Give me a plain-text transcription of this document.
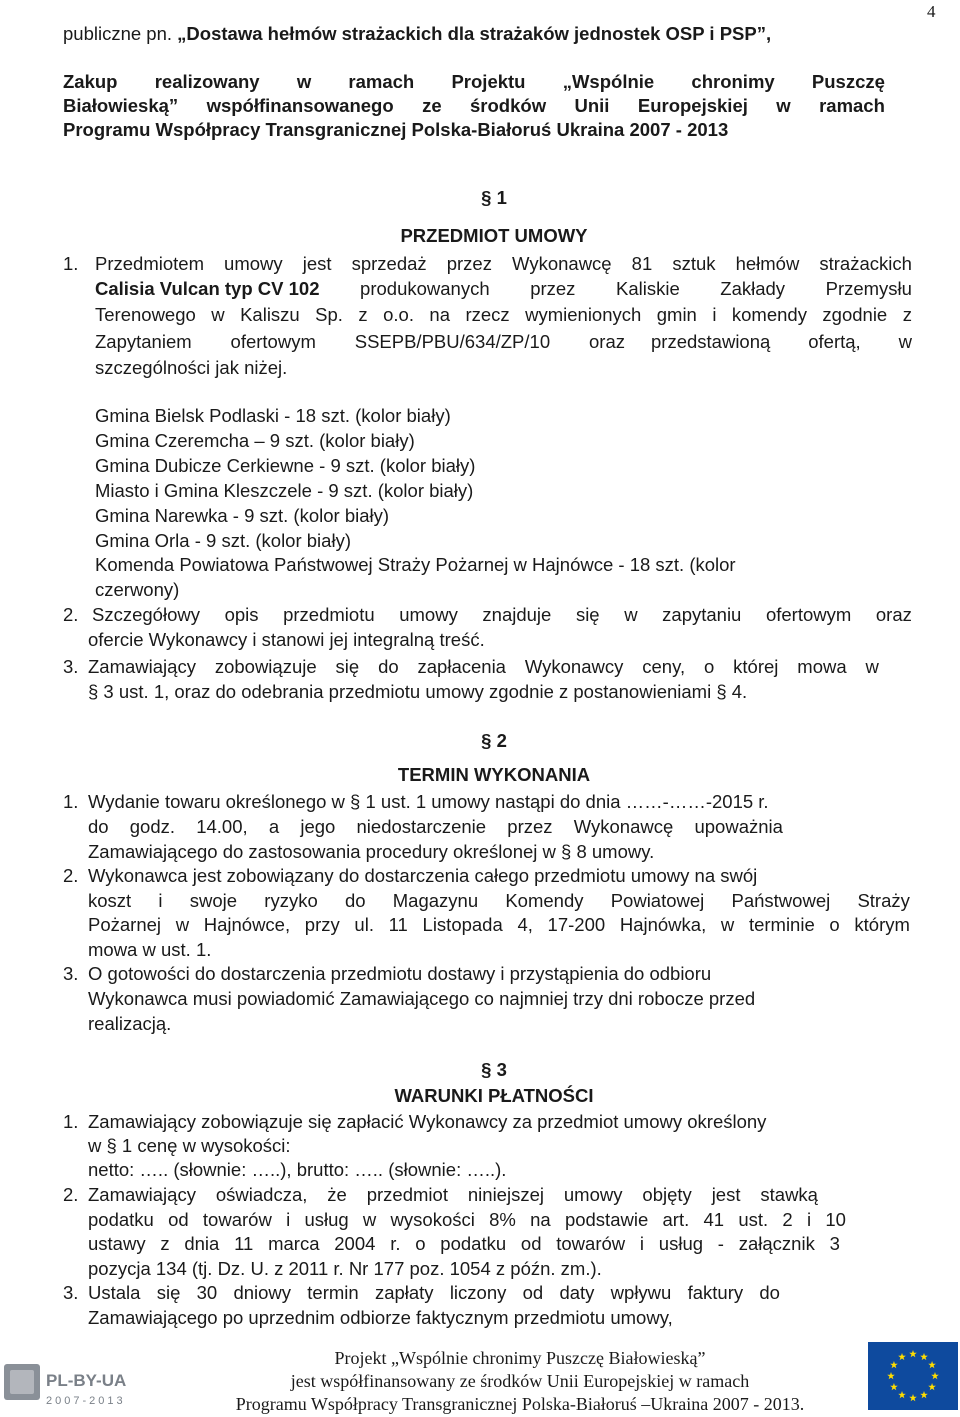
4
publiczne pn. „Dostawa hełmów strażackich dla strażaków jednostek OSP i PSP”,
Zakup realizowany w ramach Projektu „Wspólnie chronimy Puszczę
Białowieską” współfinansowanego ze środków Unii Europejskiej w ramach
Programu Współpracy Transgranicznej Polska-Białoruś Ukraina 2007 - 2013
§ 1
PRZEDMIOT UMOWY
1. Przedmiotem umowy jest sprzedaż przez Wykonawcę 81 sztuk hełmów strażackich
Calisia Vulcan typ CV 102 produkowanych przez Kaliskie Zakłady Przemysłu
Terenowego w Kaliszu Sp. z o.o. na rzecz wymienionych gmin i komendy zgodnie z
Zapytaniem ofertowym SSEPB/PBU/634/ZP/10 oraz przedstawioną ofertą, w
szczególności jak niżej.
Gmina Bielsk Podlaski - 18 szt. (kolor biały)
Gmina Czeremcha – 9 szt. (kolor biały)
Gmina Dubicze Cerkiewne - 9 szt. (kolor biały)
Miasto i Gmina Kleszczele - 9 szt. (kolor biały)
Gmina Narewka - 9 szt. (kolor biały)
Gmina Orla - 9 szt. (kolor biały)
Komenda Powiatowa Państwowej Straży Pożarnej w Hajnówce - 18 szt. (kolor
czerwony)
2. Szczegółowy opis przedmiotu umowy znajduje się w zapytaniu ofertowym oraz
ofercie Wykonawcy i stanowi jej integralną treść.
3. Zamawiający zobowiązuje się do zapłacenia Wykonawcy ceny, o której mowa w
§ 3 ust. 1, oraz do odebrania przedmiotu umowy zgodnie z postanowieniami § 4.
§ 2
TERMIN WYKONANIA
1. Wydanie towaru określonego w § 1 ust. 1 umowy nastąpi do dnia ……-……-2015 r.
do godz. 14.00, a jego niedostarczenie przez Wykonawcę upoważnia
Zamawiającego do zastosowania procedury określonej w § 8 umowy.
2. Wykonawca jest zobowiązany do dostarczenia całego przedmiotu umowy na swój
koszt i swoje ryzyko do Magazynu Komendy Powiatowej Państwowej Straży
Pożarnej w Hajnówce, przy ul. 11 Listopada 4, 17-200 Hajnówka, w terminie o którym
mowa w ust. 1.
3. O gotowości do dostarczenia przedmiotu dostawy i przystąpienia do odbioru
Wykonawca musi powiadomić Zamawiającego co najmniej trzy dni robocze przed
realizacją.
§ 3
WARUNKI PŁATNOŚCI
1. Zamawiający zobowiązuje się zapłacić Wykonawcy za przedmiot umowy określony
w § 1 cenę w wysokości:
netto: ….. (słownie: …..), brutto: ….. (słownie: …..).
2. Zamawiający oświadcza, że przedmiot niniejszej umowy objęty jest stawką
podatku od towarów i usług w wysokości 8% na podstawie art. 41 ust. 2 i 10
ustawy z dnia 11 marca 2004 r. o podatku od towarów i usług - załącznik 3
pozycja 134 (tj. Dz. U. z 2011 r. Nr 177 poz. 1054 z późn. zm.).
3. Ustala się 30 dniowy termin zapłaty liczony od daty wpływu faktury do
Zamawiającego po uprzednim odbiorze faktycznym przedmiotu umowy,
PL-BY-UA
2007-2013
Projekt „Wspólnie chronimy Puszczę Białowieską”
jest współfinansowany ze środków Unii Europejskiej w ramach
Programu Współpracy Transgranicznej Polska-Białoruś –Ukraina 2007 - 2013.
